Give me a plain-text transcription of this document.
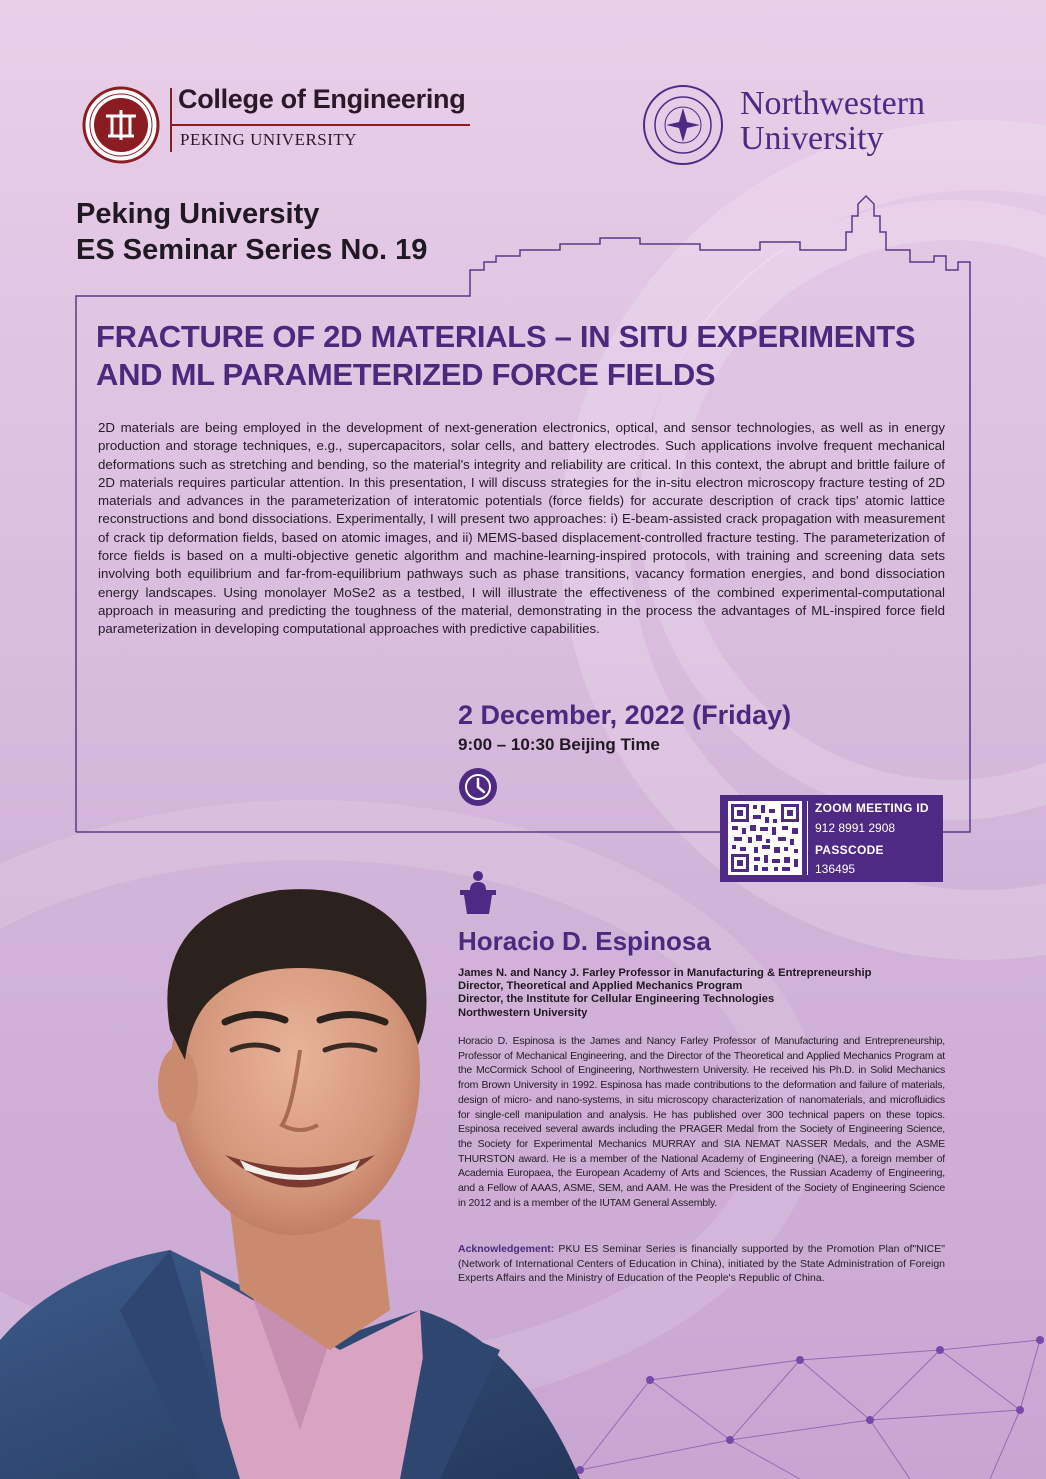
College of Engineering
PEKING UNIVERSITY
Northwestern
University
Peking University
ES Seminar Series No. 19
FRACTURE OF 2D MATERIALS – IN SITU EXPERIMENTS
AND ML PARAMETERIZED FORCE FIELDS
2D materials are being employed in the development of next-generation electronics, optical, and sensor technologies, as well as in energy production and storage techniques, e.g., supercapacitors, solar cells, and battery electrodes. Such applications involve frequent mechanical deformations such as stretching and bending, so the material's integrity and reliability are critical. In this context, the abrupt and brittle failure of 2D materials requires particular attention. In this presentation, I will discuss strategies for the in-situ electron microscopy fracture testing of 2D materials and advances in the parameterization of interatomic potentials (force fields) for accurate description of crack tips' atomic lattice reconstructions and bond dissociations. Experimentally, I will present two approaches: i) E-beam-assisted crack propagation with measurement of crack tip deformation fields, based on atomic images, and ii) MEMS-based displacement-controlled fracture testing. The parameterization of force fields is based on a multi-objective genetic algorithm and machine-learning-inspired protocols, with training and screening data sets involving both equilibrium and far-from-equilibrium pathways such as phase transitions, vacancy formation energies, and bond dissociation energy landscapes. Using monolayer MoSe2 as a testbed, I will illustrate the effectiveness of the combined experimental-computational approach in measuring and predicting the toughness of the material, demonstrating in the process the advantages of ML-inspired force field parameterization in developing computational approaches with predictive capabilities.
2 December, 2022 (Friday)
9:00 – 10:30 Beijing Time
ZOOM MEETING ID
912 8991 2908
PASSCODE
136495
Horacio D. Espinosa
James N. and Nancy J. Farley Professor in Manufacturing & Entrepreneurship
Director, Theoretical and Applied Mechanics Program
Director, the Institute for Cellular Engineering Technologies
Northwestern University
Horacio D. Espinosa is the James and Nancy Farley Professor of Manufacturing and Entrepreneurship, Professor of Mechanical Engineering, and the Director of the Theoretical and Applied Mechanics Program at the McCormick School of Engineering, Northwestern University. He received his Ph.D. in Solid Mechanics from Brown University in 1992. Espinosa has made contributions to the deformation and failure of materials, design of micro- and nano-systems, in situ microscopy characterization of nanomaterials, and microfluidics for single-cell manipulation and analysis. He has published over 300 technical papers on these topics. Espinosa received several awards including the PRAGER Medal from the Society of Engineering Science, the Society for Experimental Mechanics MURRAY and SIA NEMAT NASSER Medals, and the ASME THURSTON award. He is a member of the National Academy of Engineering (NAE), a foreign member of Academia Europaea, the European Academy of Arts and Sciences, the Russian Academy of Engineering, and a Fellow of AAAS, ASME, SEM, and AAM. He was the President of the Society of Engineering Science in 2012 and is a member of the IUTAM General Assembly.
Acknowledgement: PKU ES Seminar Series is financially supported by the Promotion Plan of"NICE"(Network of International Centers of Education in China), initiated by the State Administration of Foreign Experts Affairs and the Ministry of Education of the People's Republic of China.
